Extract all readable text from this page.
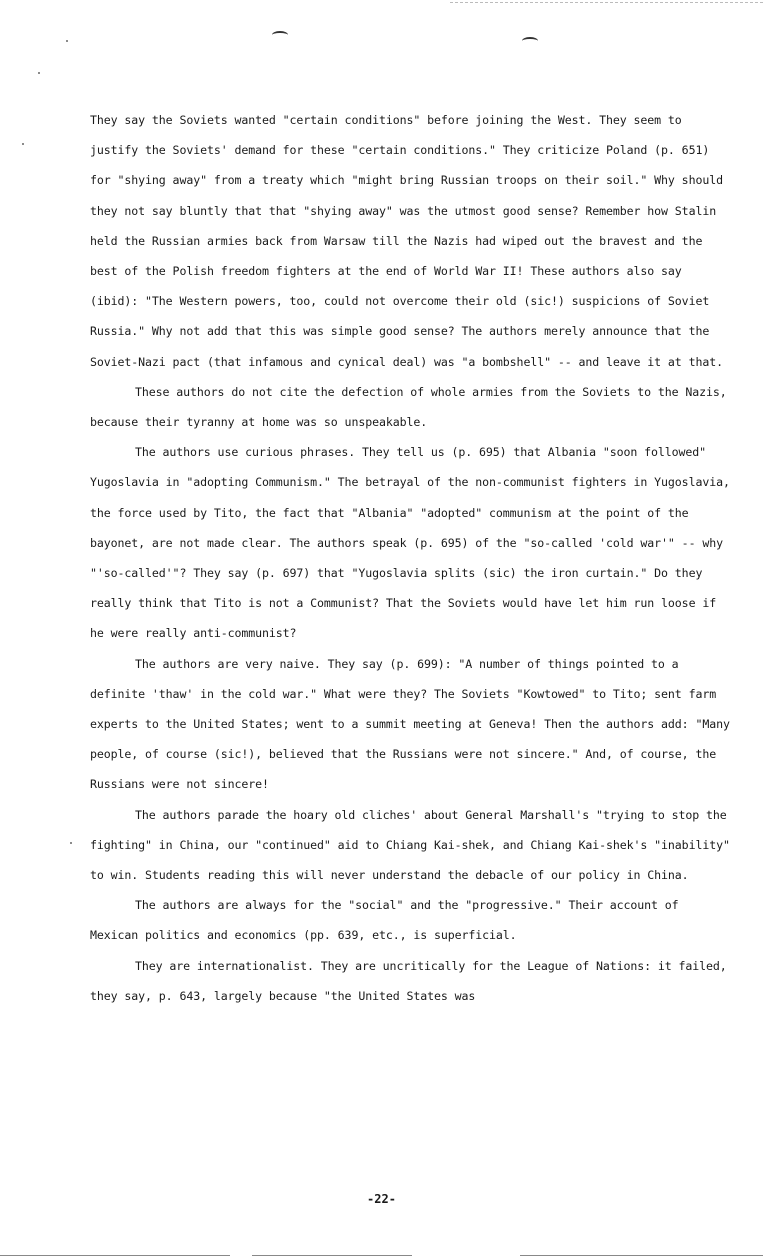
They say the Soviets wanted "certain conditions" before joining the West. They seem to justify the Soviets' demand for these "certain conditions." They criticize Poland (p. 651) for "shying away" from a treaty which "might bring Russian troops on their soil." Why should they not say bluntly that that "shying away" was the utmost good sense? Remember how Stalin held the Russian armies back from Warsaw till the Nazis had wiped out the bravest and the best of the Polish freedom fighters at the end of World War II! These authors also say (ibid): "The Western powers, too, could not overcome their old (sic!) suspicions of Soviet Russia." Why not add that this was simple good sense? The authors merely announce that the Soviet-Nazi pact (that infamous and cynical deal) was "a bombshell" -- and leave it at that.

These authors do not cite the defection of whole armies from the Soviets to the Nazis, because their tyranny at home was so unspeakable.

The authors use curious phrases. They tell us (p. 695) that Albania "soon followed" Yugoslavia in "adopting Communism." The betrayal of the non-communist fighters in Yugoslavia, the force used by Tito, the fact that "Albania" "adopted" communism at the point of the bayonet, are not made clear. The authors speak (p. 695) of the "so-called 'cold war'" -- why "'so-called'"? They say (p. 697) that "Yugoslavia splits (sic) the iron curtain." Do they really think that Tito is not a Communist? That the Soviets would have let him run loose if he were really anti-communist?

The authors are very naive. They say (p. 699): "A number of things pointed to a definite 'thaw' in the cold war." What were they? The Soviets "Kowtowed" to Tito; sent farm experts to the United States; went to a summit meeting at Geneva! Then the authors add: "Many people, of course (sic!), believed that the Russians were not sincere." And, of course, the Russians were not sincere!

The authors parade the hoary old cliches' about General Marshall's "trying to stop the fighting" in China, our "continued" aid to Chiang Kai-shek, and Chiang Kai-shek's "inability" to win. Students reading this will never understand the debacle of our policy in China.

The authors are always for the "social" and the "progressive." Their account of Mexican politics and economics (pp. 639, etc., is superficial.

They are internationalist. They are uncritically for the League of Nations: it failed, they say, p. 643, largely because "the United States was

-22-
